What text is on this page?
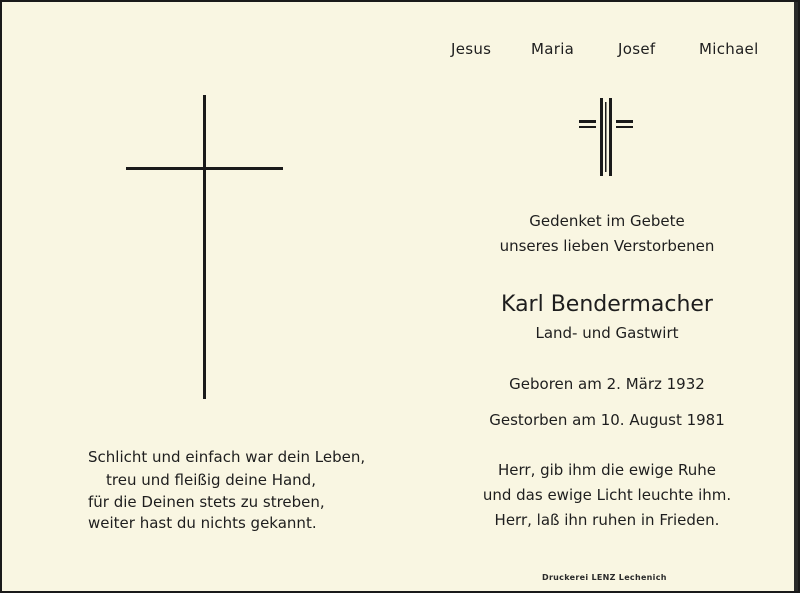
Jesus	Maria	Josef	Michael
Gedenket im Gebete
unseres lieben Verstorbenen
Karl Bendermacher
Land- und Gastwirt
Geboren am 2. März 1932
Gestorben am 10. August 1981
Herr, gib ihm die ewige Ruhe
und das ewige Licht leuchte ihm.
Herr, laß ihn ruhen in Frieden.
Schlicht und einfach war dein Leben,
treu und fleißig deine Hand,
für die Deinen stets zu streben,
weiter hast du nichts gekannt.
Druckerei LENZ Lechenich
